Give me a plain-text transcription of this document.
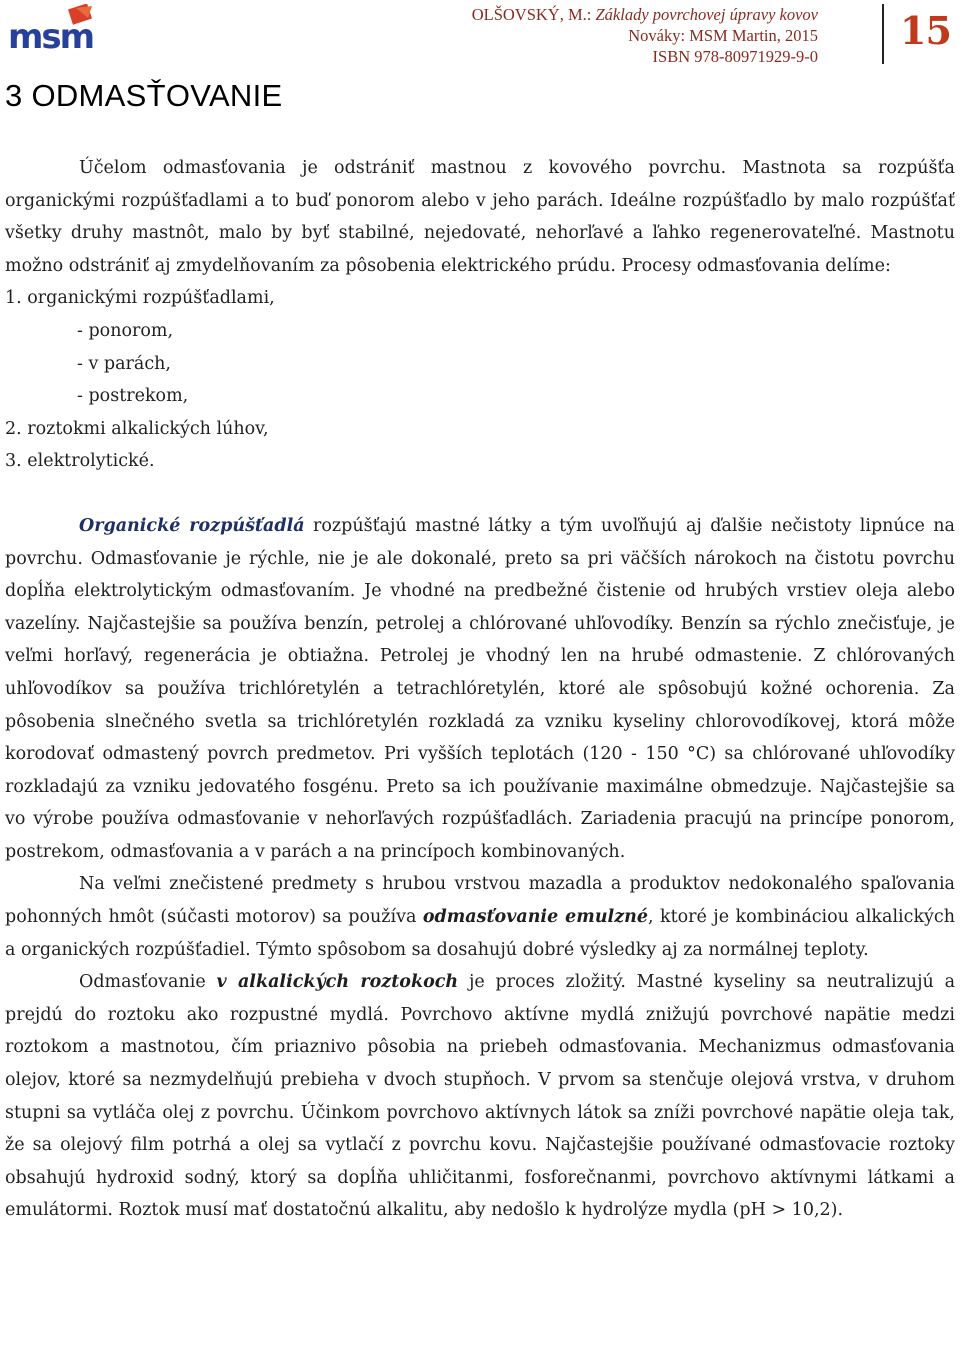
msm
OLŠOVSKÝ, M.: Základy povrchovej úpravy kovov
Nováky: MSM Martin, 2015
ISBN 978-80971929-9-0
15
3 ODMASŤOVANIE

Účelom odmasťovania je odstrániť mastnou z kovového povrchu. Mastnota sa rozpúšťa organickými rozpúšťadlami a to buď ponorom alebo v jeho parách. Ideálne rozpúšťadlo by malo rozpúšťať všetky druhy mastnôt, malo by byť stabilné, nejedovaté, nehorľavé a ľahko regenerovateľné. Mastnotu možno odstrániť aj zmydelňovaním za pôsobenia elektrického prúdu. Procesy odmasťovania delíme:

1. organickými rozpúšťadlami,

- ponorom,

- v parách,

- postrekom,

2. roztokmi alkalických lúhov,

3. elektrolytické.

Organické rozpúšťadlá rozpúšťajú mastné látky a tým uvoľňujú aj ďalšie nečistoty lipnúce na povrchu. Odmasťovanie je rýchle, nie je ale dokonalé, preto sa pri väčších nárokoch na čistotu povrchu dopĺňa elektrolytickým odmasťovaním. Je vhodné na predbežné čistenie od hrubých vrstiev oleja alebo vazelíny. Najčastejšie sa používa benzín, petrolej a chlórované uhľovodíky. Benzín sa rýchlo znečisťuje, je veľmi horľavý, regenerácia je obtiažna. Petrolej je vhodný len na hrubé odmastenie. Z chlórovaných uhľovodíkov sa používa trichlóretylén a tetrachlóretylén, ktoré ale spôsobujú kožné ochorenia. Za pôsobenia slnečného svetla sa trichlóretylén rozkladá za vzniku kyseliny chlorovodíkovej, ktorá môže korodovať odmastený povrch predmetov. Pri vyšších teplotách (120 - 150 °C) sa chlórované uhľovodíky rozkladajú za vzniku jedovatého fosgénu. Preto sa ich používanie maximálne obmedzuje. Najčastejšie sa vo výrobe používa odmasťovanie v nehorľavých rozpúšťadlách. Zariadenia pracujú na princípe ponorom, postrekom, odmasťovania a v parách a na princípoch kombinovaných.

Na veľmi znečistené predmety s hrubou vrstvou mazadla a produktov nedokonalého spaľovania pohonných hmôt (súčasti motorov) sa používa odmasťovanie emulzné, ktoré je kombináciou alkalických a organických rozpúšťadiel. Týmto spôsobom sa dosahujú dobré výsledky aj za normálnej teploty.

Odmasťovanie v alkalických roztokoch je proces zložitý. Mastné kyseliny sa neutralizujú a prejdú do roztoku ako rozpustné mydlá. Povrchovo aktívne mydlá znižujú povrchové napätie medzi roztokom a mastnotou, čím priaznivo pôsobia na priebeh odmasťovania. Mechanizmus odmasťovania olejov, ktoré sa nezmydelňujú prebieha v dvoch stupňoch. V prvom sa stenčuje olejová vrstva, v druhom stupni sa vytláča olej z povrchu. Účinkom povrchovo aktívnych látok sa zníži povrchové napätie oleja tak, že sa olejový film potrhá a olej sa vytlačí z povrchu kovu. Najčastejšie používané odmasťovacie roztoky obsahujú hydroxid sodný, ktorý sa dopĺňa uhličitanmi, fosforečnanmi, povrchovo aktívnymi látkami a emulátormi. Roztok musí mať dostatočnú alkalitu, aby nedošlo k hydrolýze mydla (pH > 10,2).
